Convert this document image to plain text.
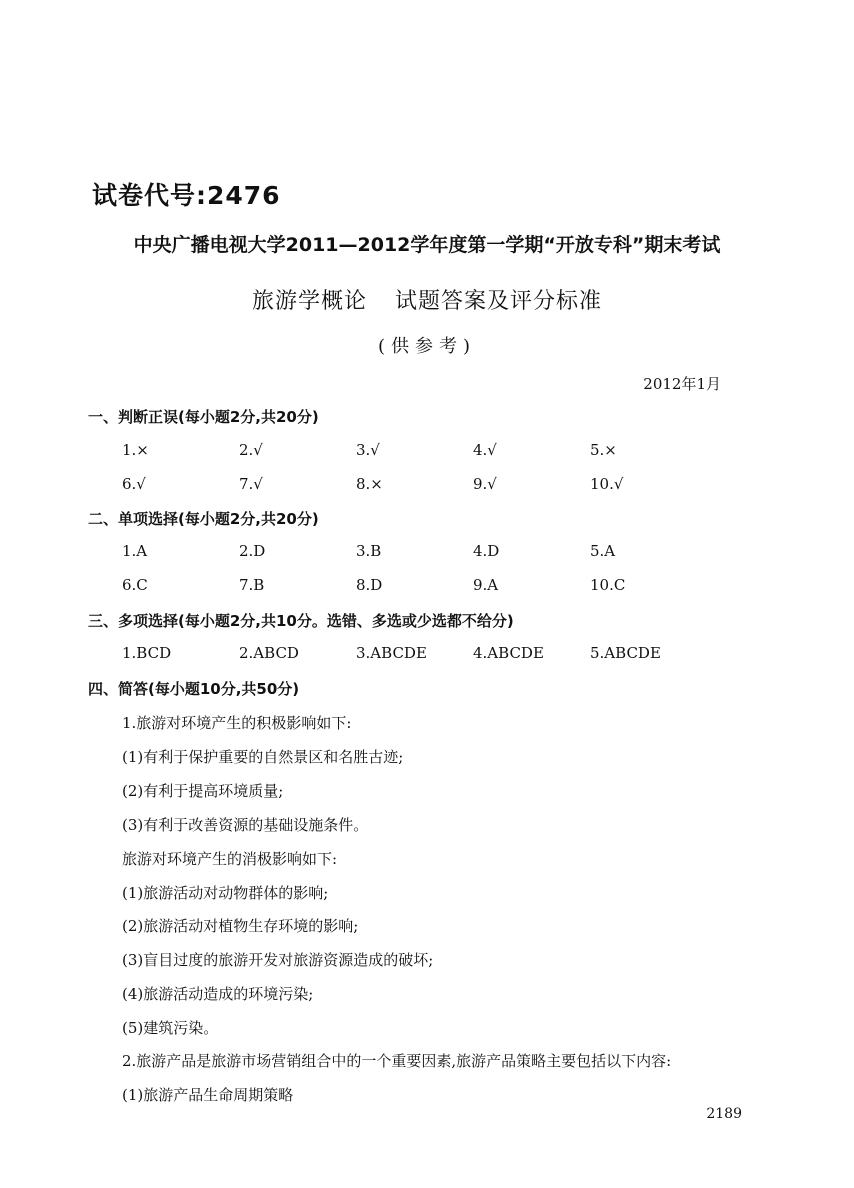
试卷代号:2476
中央广播电视大学2011—2012学年度第一学期“开放专科”期末考试
旅游学概论 试题答案及评分标准
(供参考)
2012年1月
一、判断正误(每小题2分,共20分)
1.×	2.√	3.√	4.√	5.×
6.√	7.√	8.×	9.√	10.√
二、单项选择(每小题2分,共20分)
1.A	2.D	3.B	4.D	5.A
6.C	7.B	8.D	9.A	10.C
三、多项选择(每小题2分,共10分。选错、多选或少选都不给分)
1.BCD	2.ABCD	3.ABCDE	4.ABCDE	5.ABCDE
四、简答(每小题10分,共50分)
1.旅游对环境产生的积极影响如下:
(1)有利于保护重要的自然景区和名胜古迹;
(2)有利于提高环境质量;
(3)有利于改善资源的基础设施条件。
旅游对环境产生的消极影响如下:
(1)旅游活动对动物群体的影响;
(2)旅游活动对植物生存环境的影响;
(3)盲目过度的旅游开发对旅游资源造成的破坏;
(4)旅游活动造成的环境污染;
(5)建筑污染。
2.旅游产品是旅游市场营销组合中的一个重要因素,旅游产品策略主要包括以下内容:
(1)旅游产品生命周期策略
2189
